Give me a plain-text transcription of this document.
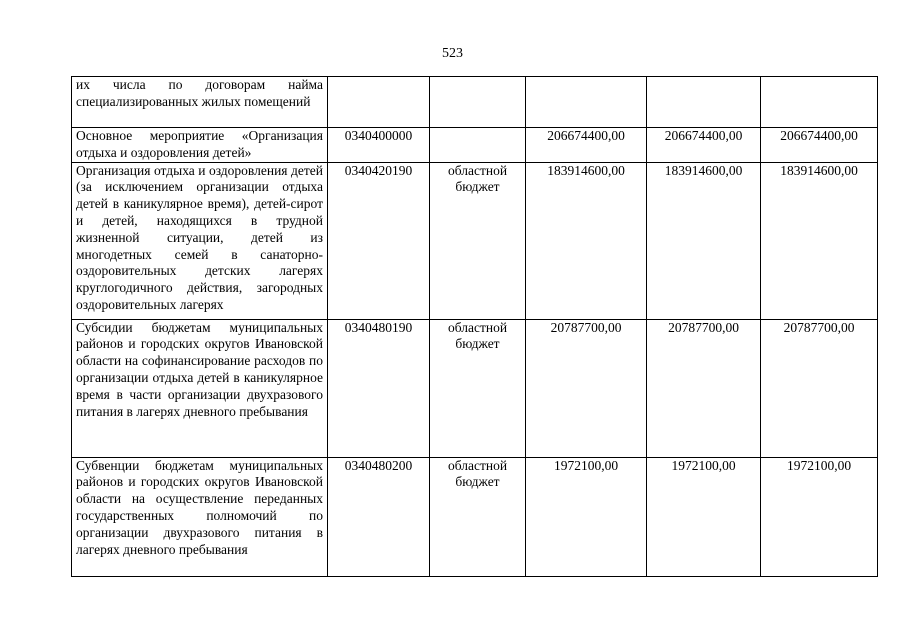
523
их числа по договорам найма специализированных жилых помещений					
Основное мероприятие «Организация отдыха и оздоровления детей»	0340400000		206674400,00	206674400,00	206674400,00
Организация отдыха и оздоровления детей (за исключением организации отдыха детей в каникулярное время), детей-сирот и детей, находящихся в трудной жизненной ситуации, детей из многодетных семей в санаторно-оздоровительных детских лагерях круглогодичного действия, загородных оздоровительных лагерях	0340420190	областной бюджет	183914600,00	183914600,00	183914600,00
Субсидии бюджетам муниципальных районов и городских округов Ивановской области на софинансирование расходов по организации отдыха детей в каникулярное время в части организации двухразового питания в лагерях дневного пребывания	0340480190	областной бюджет	20787700,00	20787700,00	20787700,00

Субвенции бюджетам муниципальных районов и городских округов Ивановской области на осуществление переданных государственных полномочий по организации двухразового питания в лагерях дневного пребывания	0340480200	областной бюджет	1972100,00	1972100,00	1972100,00
